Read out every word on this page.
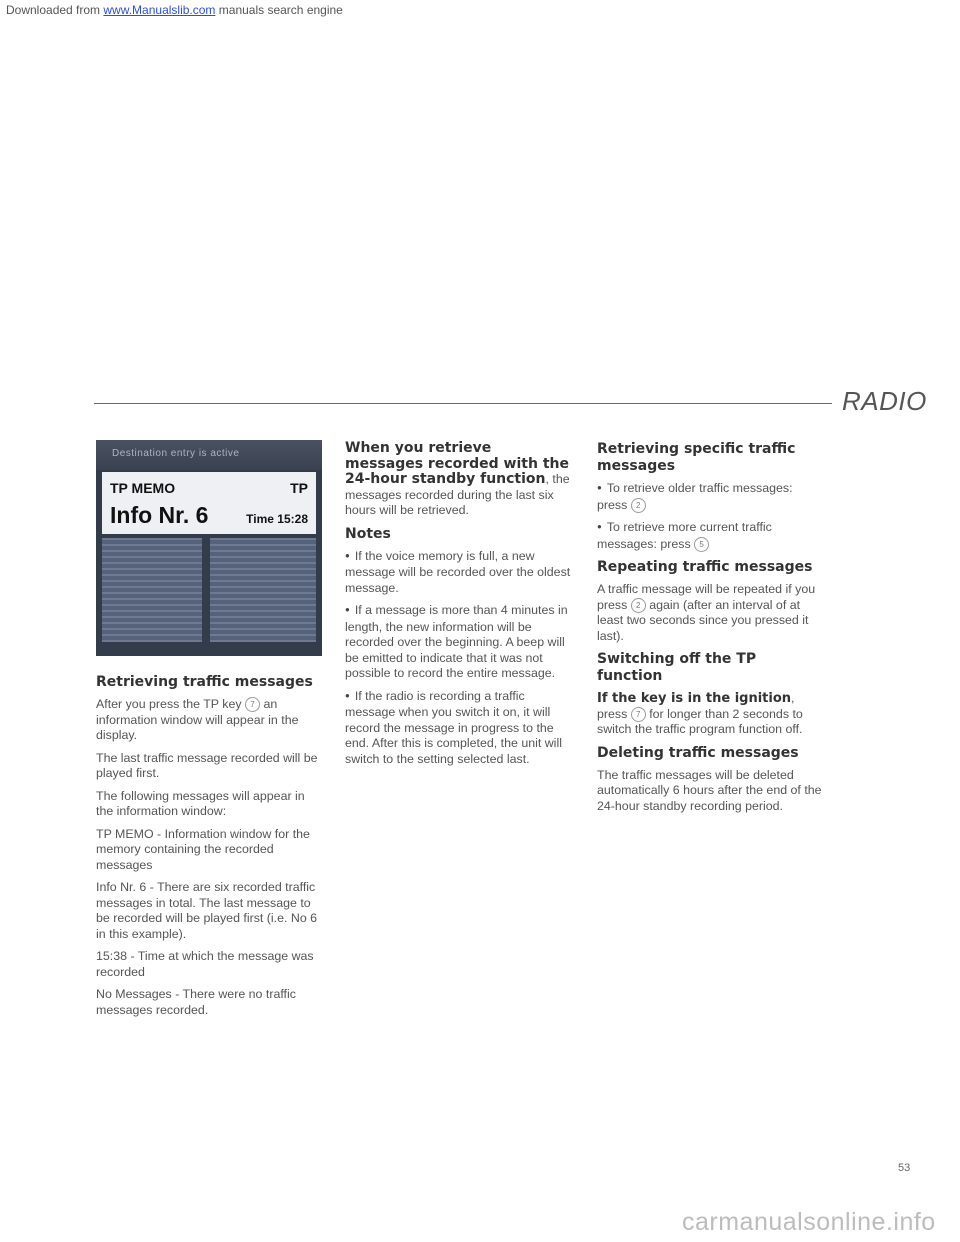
Downloaded from www.Manualslib.com manuals search engine
RADIO
Destination entry is active
TP MEMO	TP
Info Nr. 6	Time 15:28
Retrieving traffic messages

After you press the TP key 7 an information window will appear in the display.

The last traffic message recorded will be played first.

The following messages will appear in the information window:

TP MEMO - Information window for the memory containing the recorded messages

Info Nr. 6 - There are six recorded traffic messages in total. The last message to be recorded will be played first (i.e. No 6 in this example).

15:38 - Time at which the message was recorded

No Messages - There were no traffic messages recorded.

When you retrieve messages recorded with the 24-hour standby function, the messages recorded during the last six hours will be retrieved.

Notes

● If the voice memory is full, a new message will be recorded over the oldest message.

● If a message is more than 4 minutes in length, the new information will be recorded over the beginning. A beep will be emitted to indicate that it was not possible to record the entire message.

● If the radio is recording a traffic message when you switch it on, it will record the message in progress to the end. After this is completed, the unit will switch to the setting selected last.

Retrieving specific traffic messages

● To retrieve older traffic messages: press 2

● To retrieve more current traffic messages: press 5

Repeating traffic messages

A traffic message will be repeated if you press 2 again (after an interval of at least two seconds since you pressed it last).

Switching off the TP function

If the key is in the ignition, press 7 for longer than 2 seconds to switch the traffic program function off.

Deleting traffic messages

The traffic messages will be deleted automatically 6 hours after the end of the 24-hour standby recording period.

53
carmanualsonline.info
